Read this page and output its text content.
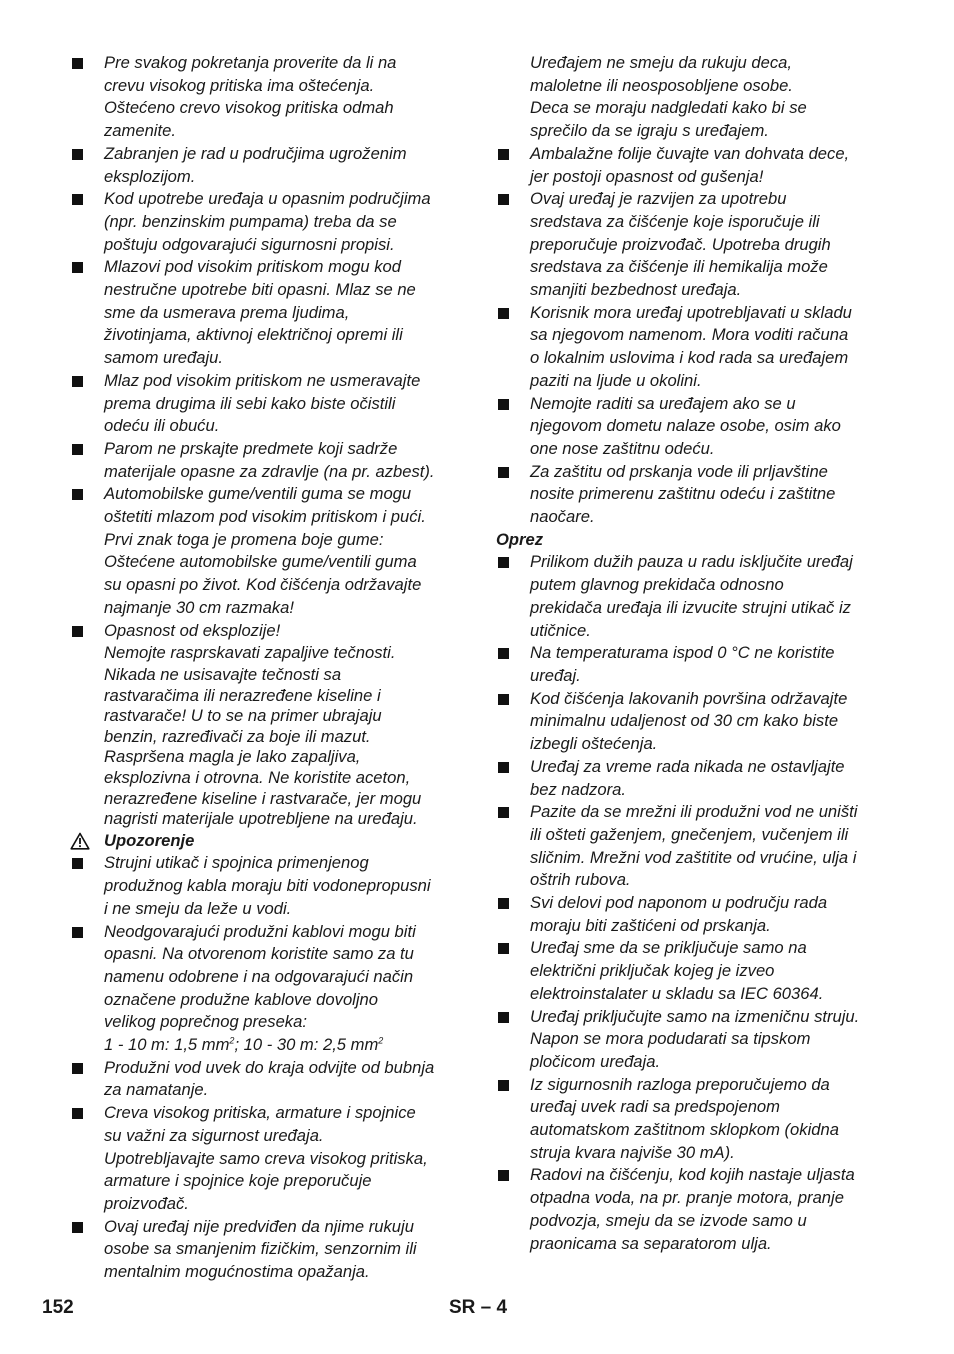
Pre svakog pokretanja proverite da li na

crevu visokog pritiska ima oštećenja.

Oštećeno crevo visokog pritiska odmah

zamenite.

Zabranjen je rad u područjima ugroženim

eksplozijom.

Kod upotrebe uređaja u opasnim područjima

(npr. benzinskim pumpama) treba da se

poštuju odgovarajući sigurnosni propisi.

Mlazovi pod visokim pritiskom mogu kod

nestručne upotrebe biti opasni. Mlaz se ne

sme da usmerava prema ljudima,

životinjama, aktivnoj električnoj opremi ili

samom uređaju.

Mlaz pod visokim pritiskom ne usmeravajte

prema drugima ili sebi kako biste očistili

odeću ili obuću.

Parom ne prskajte predmete koji sadrže

materijale opasne za zdravlje (na pr. azbest).

Automobilske gume/ventili guma se mogu

oštetiti mlazom pod visokim pritiskom i pući.

Prvi znak toga je promena boje gume:

Oštećene automobilske gume/ventili guma

su opasni po život. Kod čišćenja održavajte

najmanje 30 cm razmaka!

Opasnost od eksplozije!

Nemojte rasprskavati zapaljive tečnosti.

Nikada ne usisavajte tečnosti sa

rastvaračima ili nerazređene kiseline i

rastvarače! U to se na primer ubrajaju

benzin, razređivači za boje ili mazut.

Raspršena magla je lako zapaljiva,

eksplozivna i otrovna. Ne koristite aceton,

nerazređene kiseline i rastvarače, jer mogu

nagristi materijale upotrebljene na uređaju.

Upozorenje

Strujni utikač i spojnica primenjenog

produžnog kabla moraju biti vodonepropusni

i ne smeju da leže u vodi.

Neodgovarajući produžni kablovi mogu biti

opasni. Na otvorenom koristite samo za tu

namenu odobrene i na odgovarajući način

označene produžne kablove dovoljno

velikog poprečnog preseka:

1 - 10 m: 1,5 $mm^2$; 10 - 30 m: 2,5 $mm^2$

Produžni vod uvek do kraja odvijte od bubnja

za namatanje.

Creva visokog pritiska, armature i spojnice

su važni za sigurnost uređaja.

Upotrebljavajte samo creva visokog pritiska,

armature i spojnice koje preporučuje

proizvođač.

Ovaj uređaj nije predviđen da njime rukuju

osobe sa smanjenim fizičkim, senzornim ili

mentalnim mogućnostima opažanja.

Uređajem ne smeju da rukuju deca,

maloletne ili neosposobljene osobe.

Deca se moraju nadgledati kako bi se

sprečilo da se igraju s uređajem.

Ambalažne folije čuvajte van dohvata dece,

jer postoji opasnost od gušenja!

Ovaj uređaj je razvijen za upotrebu

sredstava za čišćenje koje isporučuje ili

preporučuje proizvođač. Upotreba drugih

sredstava za čišćenje ili hemikalija može

smanjiti bezbednost uređaja.

Korisnik mora uređaj upotrebljavati u skladu

sa njegovom namenom. Mora voditi računa

o lokalnim uslovima i kod rada sa uređajem

paziti na ljude u okolini.

Nemojte raditi sa uređajem ako se u

njegovom dometu nalaze osobe, osim ako

one nose zaštitnu odeću.

Za zaštitu od prskanja vode ili prljavštine

nosite primerenu zaštitnu odeću i zaštitne

naočare.

Oprez

Prilikom dužih pauza u radu isključite uređaj

putem glavnog prekidača odnosno

prekidača uređaja ili izvucite strujni utikač iz

utičnice.

Na temperaturama ispod 0 °C ne koristite

uređaj.

Kod čišćenja lakovanih površina održavajte

minimalnu udaljenost od 30 cm kako biste

izbegli oštećenja.

Uređaj za vreme rada nikada ne ostavljajte

bez nadzora.

Pazite da se mrežni ili produžni vod ne uništi

ili ošteti gaženjem, gnečenjem, vučenjem ili

sličnim. Mrežni vod zaštitite od vrućine, ulja i

oštrih rubova.

Svi delovi pod naponom u području rada

moraju biti zaštićeni od prskanja.

Uređaj sme da se priključuje samo na

električni priključak kojeg je izveo

elektroinstalater u skladu sa IEC 60364.

Uređaj priključujte samo na izmeničnu struju.

Napon se mora podudarati sa tipskom

pločicom uređaja.

Iz sigurnosnih razloga preporučujemo da

uređaj uvek radi sa predspojenom

automatskom zaštitnom sklopkom (okidna

struja kvara najviše 30 mA).

Radovi na čišćenju, kod kojih nastaje uljasta

otpadna voda, na pr. pranje motora, pranje

podvozja, smeju da se izvode samo u

praonicama sa separatorom ulja.

152	SR – 4
